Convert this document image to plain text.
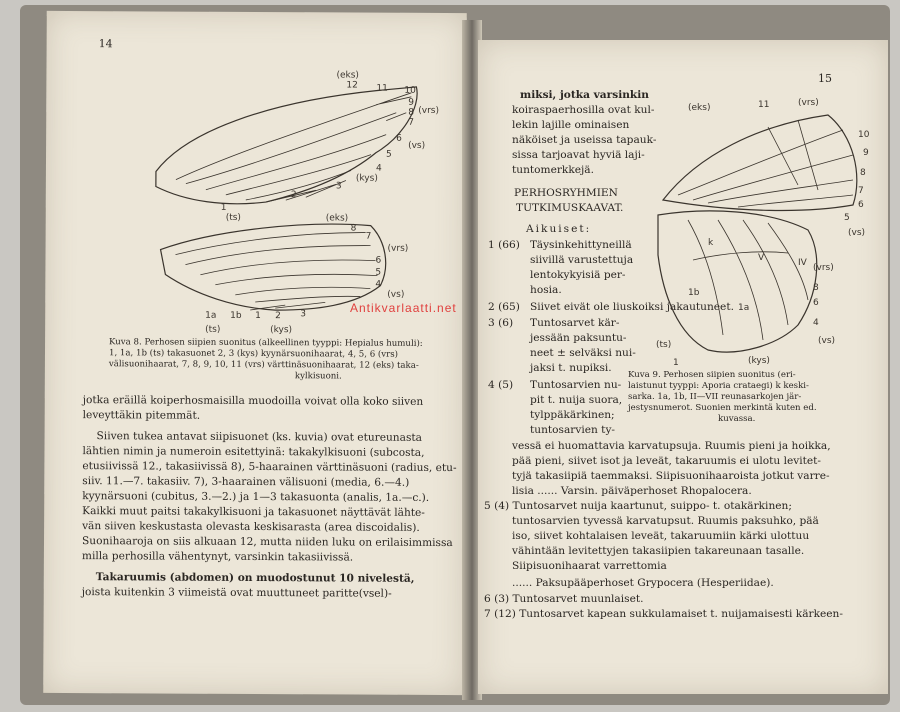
14
(eks)
12 11 10
9
8 (vrs)
7
6
(vs)
5
4
(kys)
3
2
1
(ts)	(eks)
8
7
(vrs)
6
5
4
(vs)
1a 1b 1 2 3
(ts)	(kys)
Kuva 8. Perhosen siipien suonitus (alkeellinen tyyppi: Hepialus humuli):
1, 1a, 1b (ts) takasuonet 2, 3 (kys) kyynärsuonihaarat, 4, 5, 6 (vrs)
välisuonihaarat, 7, 8, 9, 10, 11 (vrs) värttinäsuonihaarat, 12 (eks) taka-
kylkisuoni.
jotka eräillä koiperhosmaisilla muodoilla voivat olla koko siiven
leveyttäkin pitemmät.
Siiven tukea antavat siipisuonet (ks. kuvia) ovat etureunasta
lähtien nimin ja numeroin esitettyinä: takakylkisuoni (subcosta,
etusiivissä 12., takasiivissä 8), 5-haarainen värttinäsuoni (radius, etu-
siiv. 11.—7. takasiiv. 7), 3-haarainen välisuoni (media, 6.—4.)
kyynärsuoni (cubitus, 3.—2.) ja 1—3 takasuonta (analis, 1a.—c.).
Kaikki muut paitsi takakylkisuoni ja takasuonet näyttävät lähte-
vän siiven keskustasta olevasta keskisarasta (area discoidalis).
Suonihaaroja on siis alkuaan 12, mutta niiden luku on erilaisimmissa
milla perhosilla vähentynyt, varsinkin takasiivissä.
Takaruumis (abdomen) on muodostunut 10 nivelestä,
joista kuitenkin 3 viimeistä ovat muuttuneet paritte(vsel)-
15
miksi, jotka varsinkin
koiraspaerhosilla ovat kul-
lekin lajille ominaisen
näköiset ja useissa tapauk-
sissa tarjoavat hyviä laji-
tuntomerkkejä.
PERHOSRYHMIEN
TUTKIMUSKAAVAT.
Aikuiset:
1 (66) Täysinkehittyneillä
siivillä varustettuja
lentokykyisiä per-
hosia.
2 (65) Siivet eivät ole liuskoiksi jakautuneet.
3 (6) Tuntosarvet kär-
jessään paksuntu-
neet ± selväksi nui-
jaksi t. nupiksi.
4 (5) Tuntosarvien nu-
pit t. nuija suora,
tylppäkärkinen;
tuntosarvien ty-
(eks)	11	(vrs)
10
9
8
7
6
5
(vs)
k
V	IV
1b
1a
(vrs)
8
6
4
(vs)
(ts)
1	(kys)
Kuva 9. Perhosen siipien suonitus (eri-
laistunut tyyppi: Aporia crataegi) k keski-
sarka. 1a, 1b, II—VII reunasarkojen jär-
jestysnumerot. Suonien merkintä kuten ed.
kuvassa.
vessä ei huomattavia karvatupsuja. Ruumis pieni ja hoikka,
pää pieni, siivet isot ja leveät, takaruumis ei ulotu levitet-
tyjä takasiipiä taemmaksi. Siipisuonihaaroista jotkut varre-
lisia ...... Varsin. päiväperhoset Rhopalocera.
5 (4) Tuntosarvet nuija kaartunut, suippo- t. otakärkinen;
tuntosarvien tyvessä karvatupsut. Ruumis paksuhko, pää
iso, siivet kohtalaisen leveät, takaruumiin kärki ulottuu
vähintään levitettyjen takasiipien takareunaan tasalle.
Siipisuonihaarat varrettomia
...... Paksupääperhoset Grypocera (Hesperiidae).
6 (3) Tuntosarvet muunlaiset.
7 (12) Tuntosarvet kapean sukkulamaiset t. nuijamaisesti kärkeen-
Antikvarlaatti.net
